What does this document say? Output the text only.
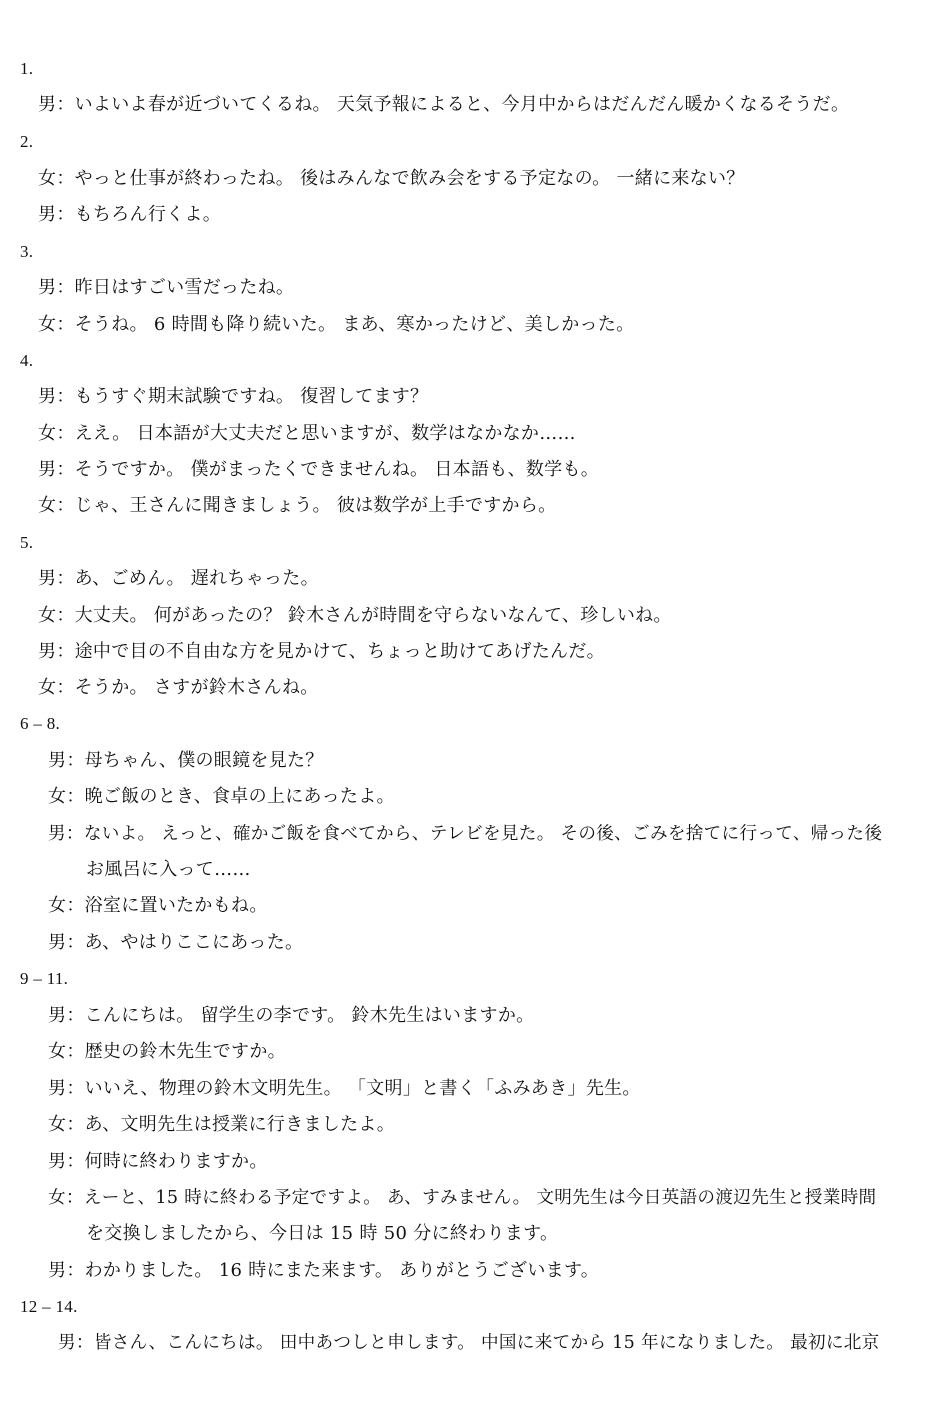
1.
男：いよいよ春が近づいてくるね。 天気予報によると、今月中からはだんだん暖かくなるそうだ。
2.
女：やっと仕事が終わったね。 後はみんなで飲み会をする予定なの。 一緒に来ない？
男：もちろん行くよ。
3.
男：昨日はすごい雪だったね。
女：そうね。 6 時間も降り続いた。 まあ、寒かったけど、美しかった。
4.
男：もうすぐ期末試験ですね。 復習してます？
女：ええ。 日本語が大丈夫だと思いますが、数学はなかなか……
男：そうですか。 僕がまったくできませんね。 日本語も、数学も。
女：じゃ、王さんに聞きましょう。 彼は数学が上手ですから。
5.
男：あ、ごめん。 遅れちゃった。
女：大丈夫。 何があったの？ 鈴木さんが時間を守らないなんて、珍しいね。
男：途中で目の不自由な方を見かけて、ちょっと助けてあげたんだ。
女：そうか。 さすが鈴木さんね。
6 – 8.
男：母ちゃん、僕の眼鏡を見た？
女：晩ご飯のとき、食卓の上にあったよ。
男：ないよ。 えっと、確かご飯を食べてから、テレビを見た。 その後、ごみを捨てに行って、帰った後
お風呂に入って……
女：浴室に置いたかもね。
男：あ、やはりここにあった。
9 – 11.
男：こんにちは。 留学生の李です。 鈴木先生はいますか。
女：歴史の鈴木先生ですか。
男：いいえ、物理の鈴木文明先生。 「文明」と書く「ふみあき」先生。
女：あ、文明先生は授業に行きましたよ。
男：何時に終わりますか。
女：えーと、15 時に終わる予定ですよ。 あ、すみません。 文明先生は今日英語の渡辺先生と授業時間
を交換しましたから、今日は 15 時 50 分に終わります。
男：わかりました。 16 時にまた来ます。 ありがとうございます。
12 – 14.
男：皆さん、こんにちは。 田中あつしと申します。 中国に来てから 15 年になりました。 最初に北京
